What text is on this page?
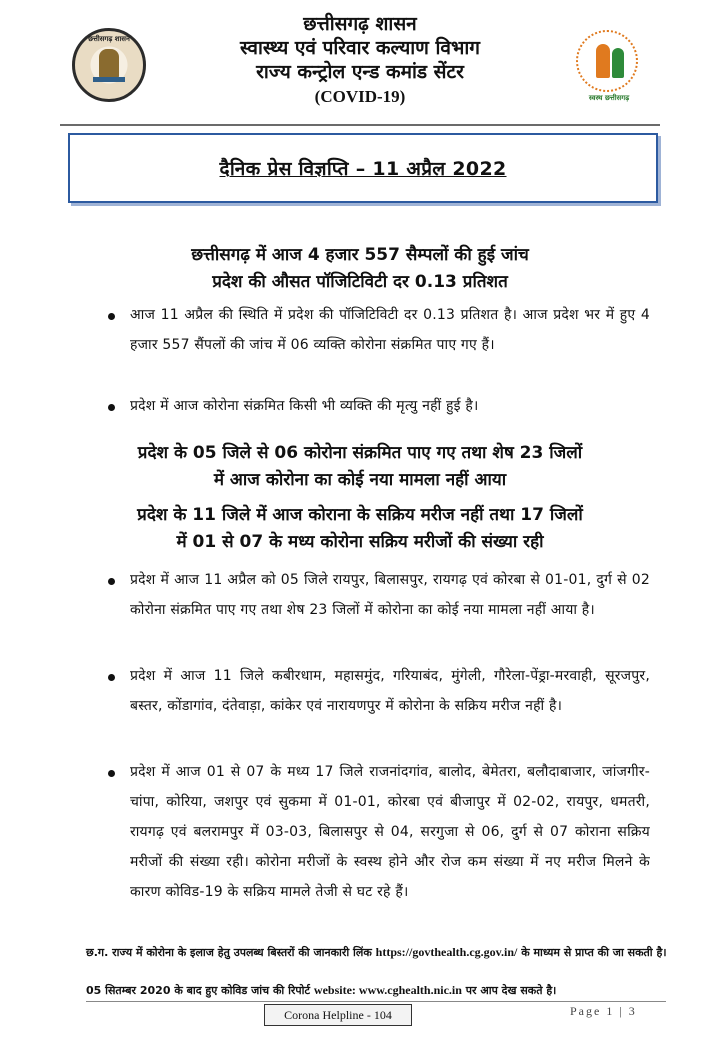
छत्तीसगढ़ शासन
छत्तीसगढ़ शासन
स्वास्थ्य एवं परिवार कल्याण विभाग
राज्य कन्ट्रोल एन्ड कमांड सेंटर
(COVID-19)	स्वस्थ छत्तीसगढ़
दैनिक प्रेस विज्ञप्ति – 11 अप्रैल 2022
छत्तीसगढ़ में आज 4 हजार 557 सैम्पलों की हुई जांच
प्रदेश की औसत पॉजिटिविटी दर 0.13 प्रतिशत
आज 11 अप्रैल की स्थिति में प्रदेश की पॉजिटिविटी दर 0.13 प्रतिशत है। आज प्रदेश भर में हुए 4 हजार 557 सैंपलों की जांच में 06 व्यक्ति कोरोना संक्रमित पाए गए हैं।
प्रदेश में आज कोरोना संक्रमित किसी भी व्यक्ति की मृत्यु नहीं हुई है।
प्रदेश के 05 जिले से 06 कोरोना संक्रमित पाए गए तथा शेष 23 जिलों
में आज कोरोना का कोई नया मामला नहीं आया
प्रदेश के 11 जिले में आज कोराना के सक्रिय मरीज नहीं तथा 17 जिलों
में 01 से 07 के मध्य कोरोना सक्रिय मरीजों की संख्या रही
प्रदेश में आज 11 अप्रैल को 05 जिले रायपुर, बिलासपुर, रायगढ़ एवं कोरबा से 01-01, दुर्ग से 02 कोरोना संक्रमित पाए गए तथा शेष 23 जिलों में कोरोना का कोई नया मामला नहीं आया है।
प्रदेश में आज 11 जिले कबीरधाम, महासमुंद, गरियाबंद, मुंगेली, गौरेला-पेंड्रा-मरवाही, सूरजपुर, बस्तर, कोंडागांव, दंतेवाड़ा, कांकेर एवं नारायणपुर में कोरोना के सक्रिय मरीज नहीं है।
प्रदेश में आज 01 से 07 के मध्य 17 जिले राजनांदगांव, बालोद, बेमेतरा, बलौदाबाजार, जांजगीर-चांपा, कोरिया, जशपुर एवं सुकमा में 01-01, कोरबा एवं बीजापुर में 02-02, रायपुर, धमतरी, रायगढ़ एवं बलरामपुर में 03-03, बिलासपुर से 04, सरगुजा से 06, दुर्ग से 07 कोराना सक्रिय मरीजों की संख्या रही। कोरोना मरीजों के स्वस्थ होने और रोज कम संख्या में नए मरीज मिलने के कारण कोविड-19 के सक्रिय मामले तेजी से घट रहे हैं।
छ.ग. राज्य में कोरोना के इलाज हेतु उपलब्ध बिस्तरों की जानकारी लिंक https://govthealth.cg.gov.in/ के माध्यम से प्राप्त की जा सकती है।
05 सितम्बर 2020 के बाद हुए कोविड जांच की रिपोर्ट website: www.cghealth.nic.in पर आप देख सकते है।
Corona Helpline - 104	Page 1 | 3
